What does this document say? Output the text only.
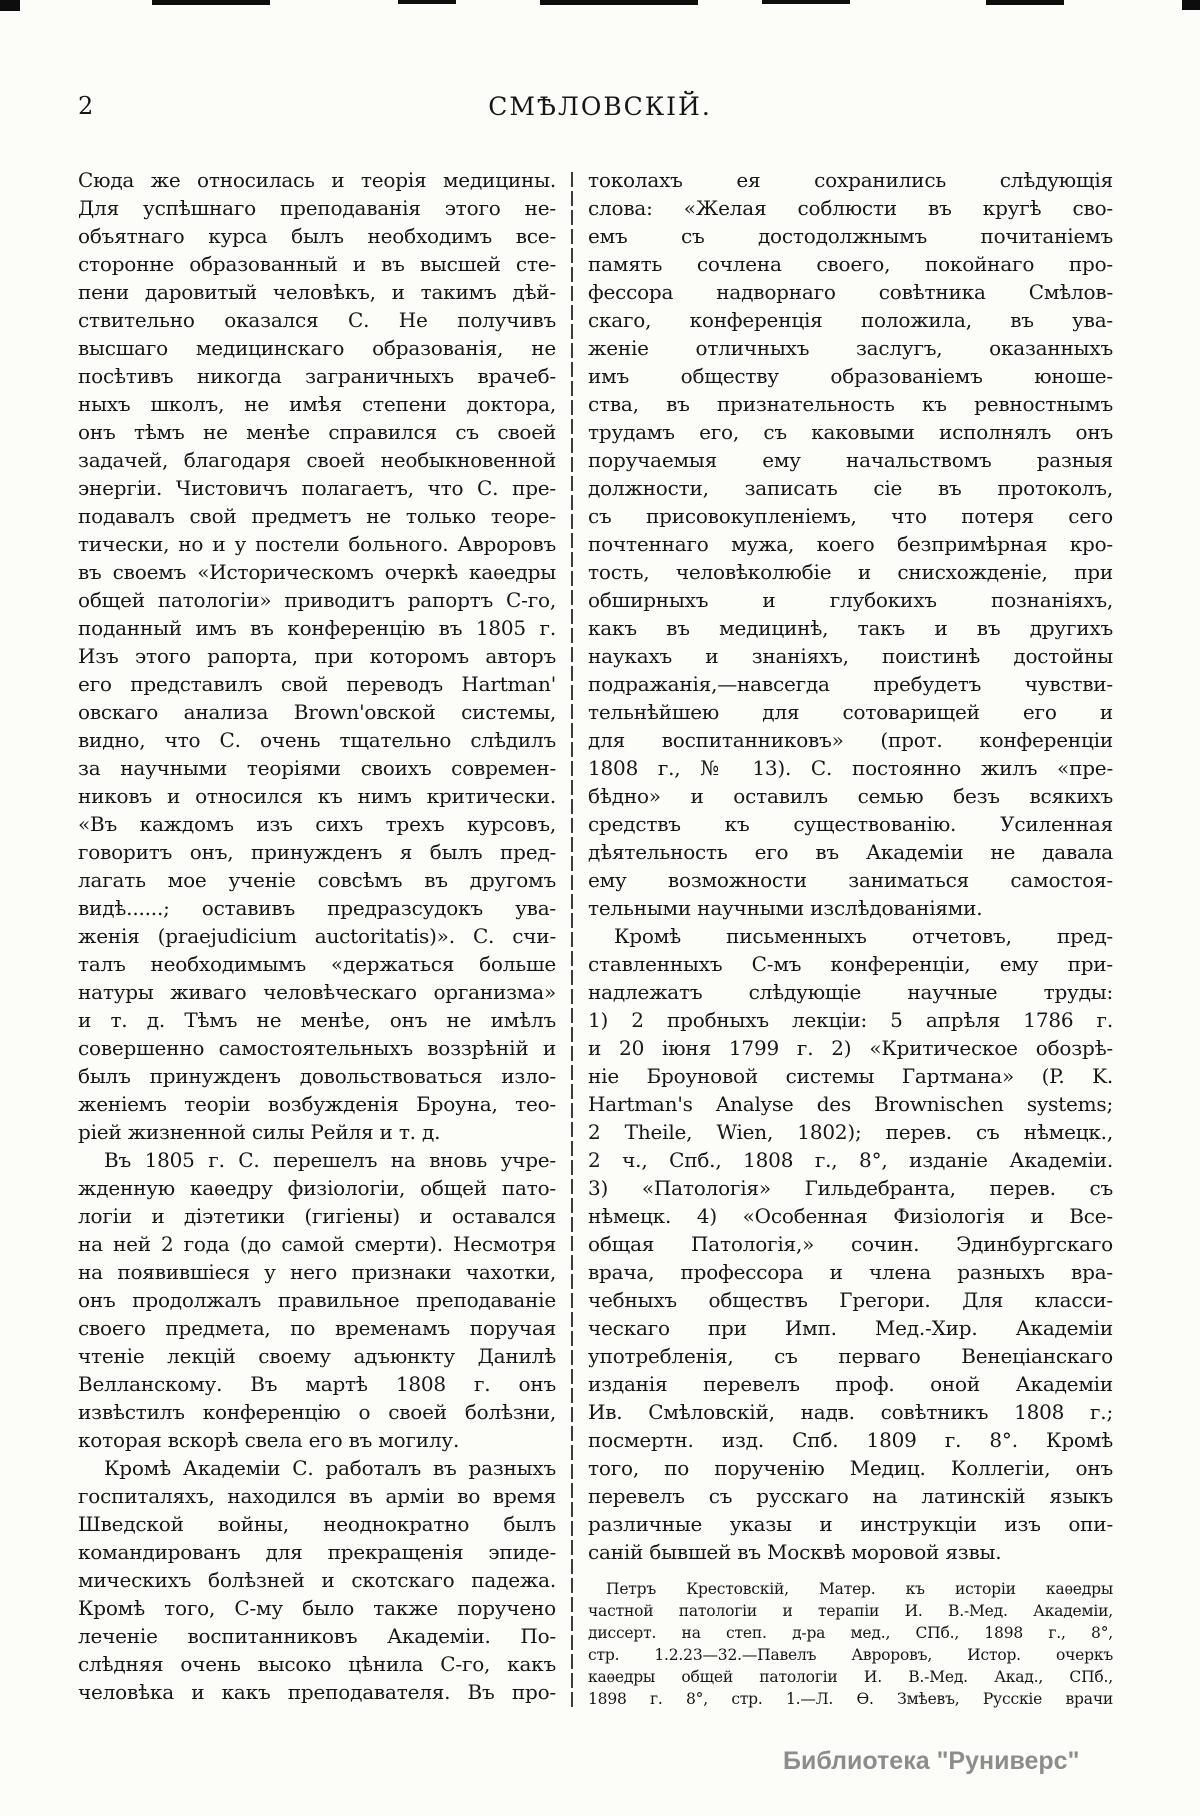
2	СМѢЛОВСКІЙ.
Сюда же относилась и теорія медицины.
Для успѣшнаго преподаванія этого не-
объятнаго курса былъ необходимъ все-
сторонне образованный и въ высшей сте-
пени даровитый человѣкъ, и такимъ дѣй-
ствительно оказался С. Не получивъ
высшаго медицинскаго образованія, не
посѣтивъ никогда заграничныхъ врачеб-
ныхъ школъ, не имѣя степени доктора,
онъ тѣмъ не менѣе справился съ своей
задачей, благодаря своей необыкновенной
энергіи. Чистовичъ полагаетъ, что С. пре-
подавалъ свой предметъ не только теоре-
тически, но и у постели больного. Авроровъ
въ своемъ «Историческомъ очеркѣ каѳедры
общей патологіи» приводитъ рапортъ С-го,
поданный имъ въ конференцію въ 1805 г.
Изъ этого рапорта, при которомъ авторъ
его представилъ свой переводъ Hartman'
овскаго анализа Brown'овской системы,
видно, что С. очень тщательно слѣдилъ
за научными теоріями своихъ современ-
никовъ и относился къ нимъ критически.
«Въ каждомъ изъ сихъ трехъ курсовъ,
говоритъ онъ, принужденъ я былъ пред-
лагать мое ученіе совсѣмъ въ другомъ
видѣ......; оставивъ предразсудокъ ува-
женія (praejudicium auctoritatis)». С. счи-
талъ необходимымъ «держаться больше
натуры живаго человѣческаго организма»
и т. д. Тѣмъ не менѣе, онъ не имѣлъ
совершенно самостоятельныхъ воззрѣній и
былъ принужденъ довольствоваться изло-
женіемъ теоріи возбужденія Броуна, тео-
ріей жизненной силы Рейля и т. д.
Въ 1805 г. С. перешелъ на вновь учре-
жденную каѳедру физіологіи, общей пато-
логіи и діэтетики (гигіены) и оставался
на ней 2 года (до самой смерти). Несмотря
на появившіеся у него признаки чахотки,
онъ продолжалъ правильное преподаваніе
своего предмета, по временамъ поручая
чтеніе лекцій своему адъюнкту Данилѣ
Велланскому. Въ мартѣ 1808 г. онъ
извѣстилъ конференцію о своей болѣзни,
которая вскорѣ свела его въ могилу.
Кромѣ Академіи С. работалъ въ разныхъ
госпиталяхъ, находился въ арміи во время
Шведской войны, неоднократно былъ
командированъ для прекращенія эпиде-
мическихъ болѣзней и скотскаго падежа.
Кромѣ того, С-му было также поручено
леченіе воспитанниковъ Академіи. По-
слѣдняя очень высоко цѣнила С-го, какъ
человѣка и какъ преподавателя. Въ про-
токолахъ ея сохранились слѣдующія
слова: «Желая соблюсти въ кругѣ сво-
емъ съ достодолжнымъ почитаніемъ
память сочлена своего, покойнаго про-
фессора надворнаго совѣтника Смѣлов-
скаго, конференція положила, въ ува-
женіе отличныхъ заслугъ, оказанныхъ
имъ обществу образованіемъ юноше-
ства, въ признательность къ ревностнымъ
трудамъ его, съ каковыми исполнялъ онъ
поручаемыя ему начальствомъ разныя
должности, записать сіе въ протоколъ,
съ присовокупленіемъ, что потеря сего
почтеннаго мужа, коего безпримѣрная кро-
тость, человѣколюбіе и снисхожденіе, при
обширныхъ и глубокихъ познаніяхъ,
какъ въ медицинѣ, такъ и въ другихъ
наукахъ и знаніяхъ, поистинѣ достойны
подражанія,—навсегда пребудетъ чувстви-
тельнѣйшею для сотоварищей его и
для воспитанниковъ» (прот. конференціи
1808 г., № 13). С. постоянно жилъ «пре-
бѣдно» и оставилъ семью безъ всякихъ
средствъ къ существованію. Усиленная
дѣятельность его въ Академіи не давала
ему возможности заниматься самостоя-
тельными научными изслѣдованіями.
Кромѣ письменныхъ отчетовъ, пред-
ставленныхъ С-мъ конференціи, ему при-
надлежатъ слѣдующіе научные труды:
1) 2 пробныхъ лекціи: 5 апрѣля 1786 г.
и 20 іюня 1799 г. 2) «Критическое обозрѣ-
ніе Броуновой системы Гартмана» (P. K.
Hartman's Analyse des Brownischen systems;
2 Theile, Wien, 1802); перев. съ нѣмецк.,
2 ч., Спб., 1808 г., 8°, изданіе Академіи.
3) «Патологія» Гильдебранта, перев. съ
нѣмецк. 4) «Особенная Физіологія и Все-
общая Патологія,» сочин. Эдинбургскаго
врача, профессора и члена разныхъ вра-
чебныхъ обществъ Грегори. Для класси-
ческаго при Имп. Мед.-Хир. Академіи
употребленія, съ перваго Венеціанскаго
изданія перевелъ проф. оной Академіи
Ив. Смѣловскій, надв. совѣтникъ 1808 г.;
посмертн. изд. Спб. 1809 г. 8°. Кромѣ
того, по порученію Медиц. Коллегіи, онъ
перевелъ съ русскаго на латинскій языкъ
различные указы и инструкціи изъ опи-
саній бывшей въ Москвѣ моровой язвы.
Петръ Крестовскій, Матер. къ исторіи каѳедры
частной патологіи и терапіи И. В.-Мед. Академіи,
диссерт. на степ. д-ра мед., СПб., 1898 г., 8°,
стр. 1.2.23—32.—Павелъ Авроровъ, Истор. очеркъ
каѳедры общей патологіи И. В.-Мед. Акад., СПб.,
1898 г. 8°, стр. 1.—Л. Ѳ. Змѣевъ, Русскіе врачи
Библиотека "Руниверс"
